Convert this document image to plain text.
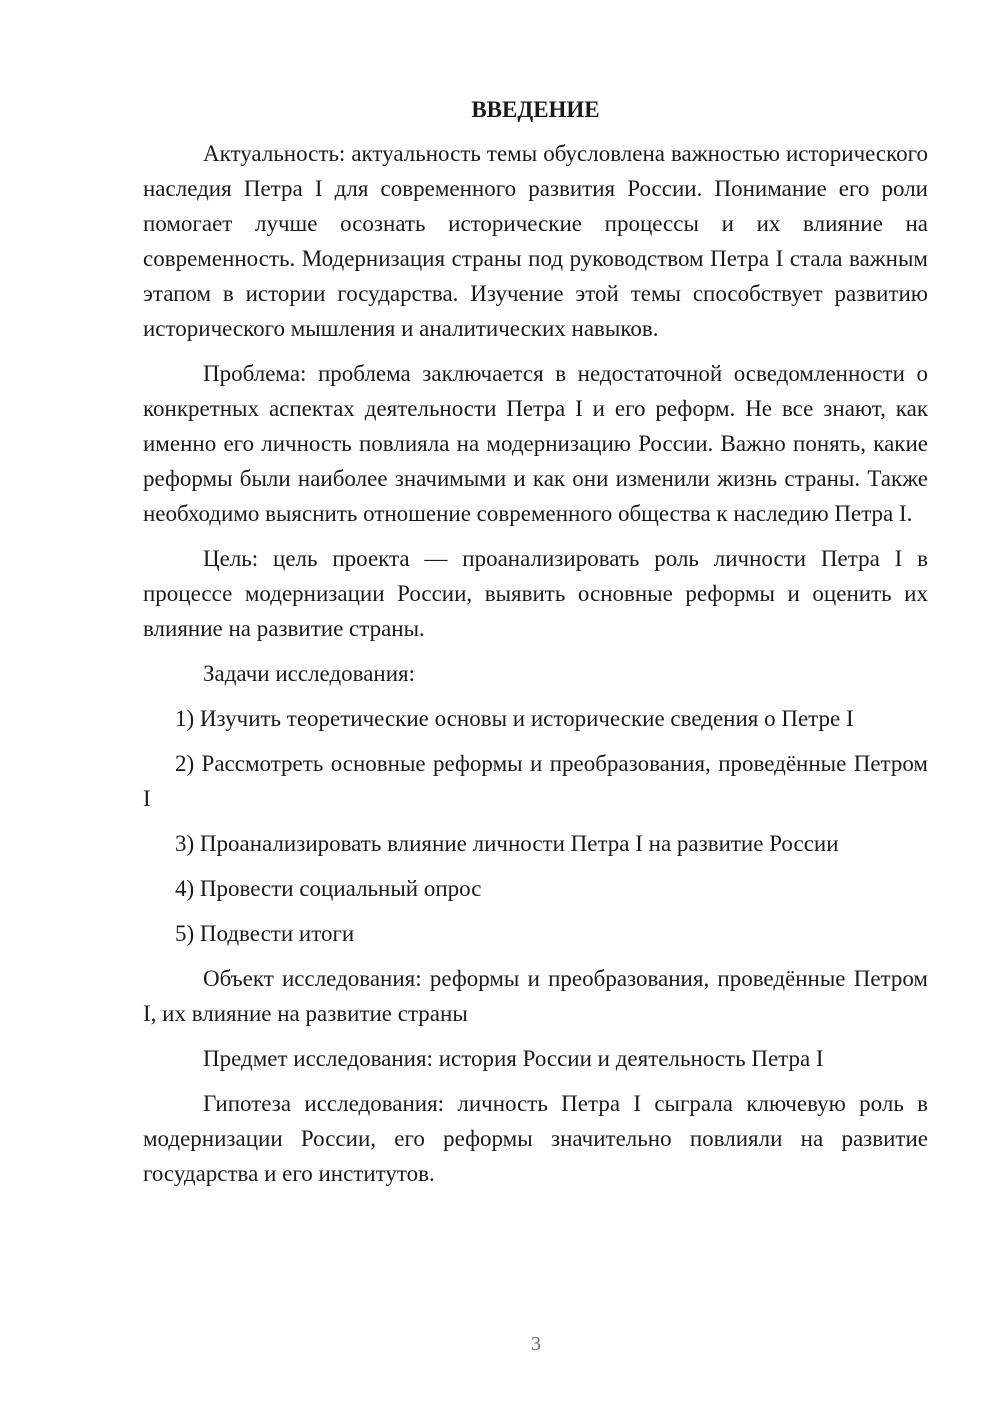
ВВЕДЕНИЕ

Актуальность: актуальность темы обусловлена важностью исторического наследия Петра I для современного развития России. Понимание его роли помогает лучше осознать исторические процессы и их влияние на современность. Модернизация страны под руководством Петра I стала важным этапом в истории государства. Изучение этой темы способствует развитию исторического мышления и аналитических навыков.

Проблема: проблема заключается в недостаточной осведомленности о конкретных аспектах деятельности Петра I и его реформ. Не все знают, как именно его личность повлияла на модернизацию России. Важно понять, какие реформы были наиболее значимыми и как они изменили жизнь страны. Также необходимо выяснить отношение современного общества к наследию Петра I.

Цель: цель проекта — проанализировать роль личности Петра I в процессе модернизации России, выявить основные реформы и оценить их влияние на развитие страны.

Задачи исследования:

1) Изучить теоретические основы и исторические сведения о Петре I

2) Рассмотреть основные реформы и преобразования, проведённые Петром I

3) Проанализировать влияние личности Петра I на развитие России

4) Провести социальный опрос

5) Подвести итоги

Объект исследования: реформы и преобразования, проведённые Петром I, их влияние на развитие страны

Предмет исследования: история России и деятельность Петра I

Гипотеза исследования: личность Петра I сыграла ключевую роль в модернизации России, его реформы значительно повлияли на развитие государства и его институтов.

3
